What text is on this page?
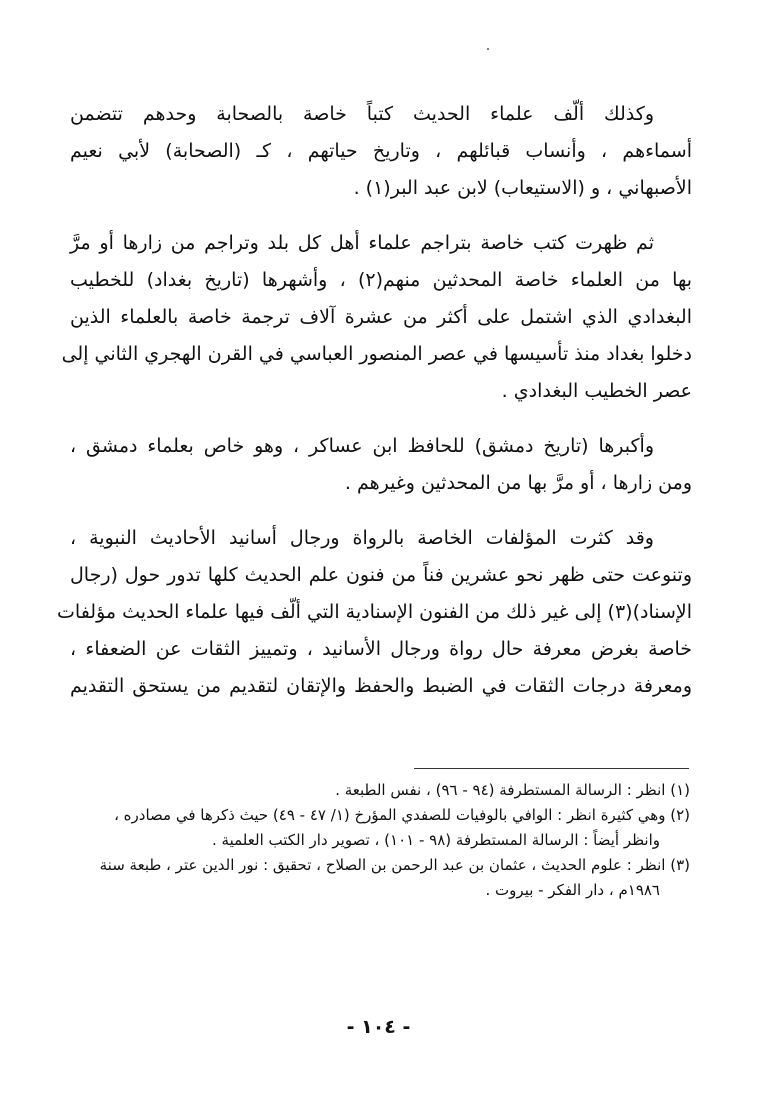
وكذلك ألّف علماء الحديث كتباً خاصة بالصحابة وحدهم تتضمن
أسماءهم ، وأنساب قبائلهم ، وتاريخ حياتهم ، كـ (الصحابة) لأبي نعيم
الأصبهاني ، و (الاستيعاب) لابن عبد البر(١) .

ثم ظهرت كتب خاصة بتراجم علماء أهل كل بلد وتراجم من زارها أو مرَّ
بها من العلماء خاصة المحدثين منهم(٢) ، وأشهرها (تاريخ بغداد) للخطيب
البغدادي الذي اشتمل على أكثر من عشرة آلاف ترجمة خاصة بالعلماء الذين
دخلوا بغداد منذ تأسيسها في عصر المنصور العباسي في القرن الهجري الثاني إلى
عصر الخطيب البغدادي .

وأكبرها (تاريخ دمشق) للحافظ ابن عساكر ، وهو خاص بعلماء دمشق ،
ومن زارها ، أو مرَّ بها من المحدثين وغيرهم .

وقد كثرت المؤلفات الخاصة بالرواة ورجال أسانيد الأحاديث النبوية ،
وتنوعت حتى ظهر نحو عشرين فناً من فنون علم الحديث كلها تدور حول (رجال
الإسناد)(٣) إلى غير ذلك من الفنون الإسنادية التي ألّف فيها علماء الحديث مؤلفات
خاصة بغرض معرفة حال رواة ورجال الأسانيد ، وتمييز الثقات عن الضعفاء ،
ومعرفة درجات الثقات في الضبط والحفظ والإتقان لتقديم من يستحق التقديم

(١) انظر : الرسالة المستطرفة (٩٤ - ٩٦) ، نفس الطبعة .
(٢) وهي كثيرة انظر : الوافي بالوفيات للصفدي المؤرخ (١/ ٤٧ - ٤٩) حيث ذكرها في مصادره ،
وانظر أيضاً : الرسالة المستطرفة (٩٨ - ١٠١) ، تصوير دار الكتب العلمية .
(٣) انظر : علوم الحديث ، عثمان بن عبد الرحمن بن الصلاح ، تحقيق : نور الدين عتر ، طبعة سنة
١٩٨٦م ، دار الفكر - بيروت .
- ١٠٤ -
